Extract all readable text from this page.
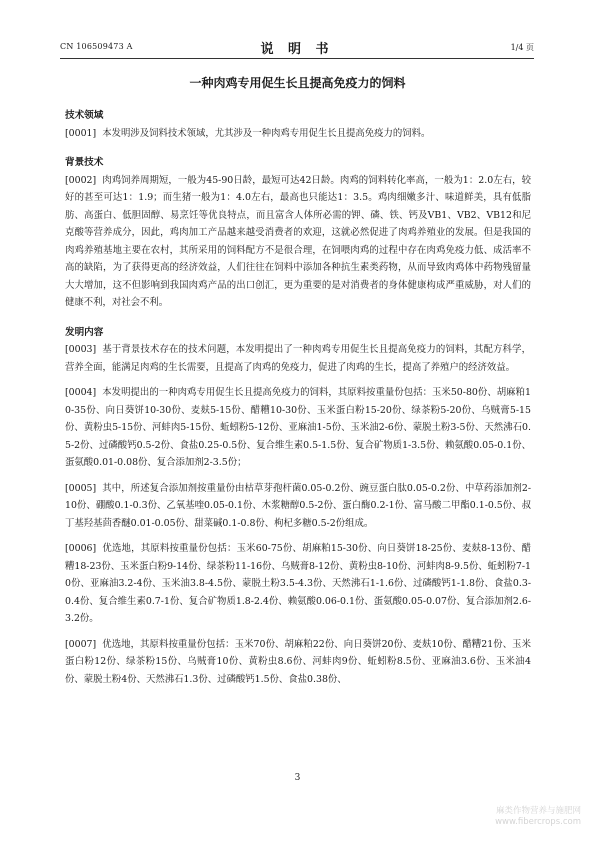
CN 106509473 A	说 明 书	1/4 页
一种肉鸡专用促生长且提高免疫力的饲料

技术领域

[0001] 本发明涉及饲料技术领域，尤其涉及一种肉鸡专用促生长且提高免疫力的饲料。

背景技术

[0002] 肉鸡饲养周期短，一般为45-90日龄，最短可达42日龄。肉鸡的饲料转化率高，一般为1：2.0左右，较好的甚至可达1：1.9；而生猪一般为1：4.0左右，最高也只能达1：3.5。鸡肉细嫩多汁、味道鲜美，具有低脂肪、高蛋白、低胆固醇、易烹饪等优良特点，而且富含人体所必需的钾、磷、铁、钙及VB1、VB2、VB12和尼克酸等营养成分，因此，鸡肉加工产品越来越受消费者的欢迎，这就必然促进了肉鸡养殖业的发展。但是我国的肉鸡养殖基地主要在农村，其所采用的饲料配方不是很合理，在饲喂肉鸡的过程中存在肉鸡免疫力低、成活率不高的缺陷，为了获得更高的经济效益，人们往往在饲料中添加各种抗生素类药物，从而导致肉鸡体中药物残留量大大增加，这不但影响到我国肉鸡产品的出口创汇，更为重要的是对消费者的身体健康构成严重威胁，对人们的健康不利，对社会不利。

发明内容

[0003] 基于背景技术存在的技术问题，本发明提出了一种肉鸡专用促生长且提高免疫力的饲料，其配方科学，营养全面，能满足肉鸡的生长需要，且提高了肉鸡的免疫力，促进了肉鸡的生长，提高了养殖户的经济效益。

[0004] 本发明提出的一种肉鸡专用促生长且提高免疫力的饲料，其原料按重量份包括：玉米50-80份、胡麻粕10-35份、向日葵饼10-30份、麦麸5-15份、醋糟10-30份、玉米蛋白粉15-20份、绿茶粉5-20份、乌贼膏5-15份、黄粉虫5-15份、河蚌肉5-15份、蚯蚓粉5-12份、亚麻油1-5份、玉米油2-6份、蒙脱土粉3-5份、天然沸石0.5-2份、过磷酸钙0.5-2份、食盐0.25-0.5份、复合维生素0.5-1.5份、复合矿物质1-3.5份、赖氨酸0.05-0.1份、蛋氨酸0.01-0.08份、复合添加剂2-3.5份；

[0005] 其中，所述复合添加剂按重量份由枯草芽孢杆菌0.05-0.2份、豌豆蛋白肽0.05-0.2份、中草药添加剂2-10份、硼酸0.1-0.3份、乙氧基喹0.05-0.1份、木浆糖醇0.5-2份、蛋白酶0.2-1份、富马酸二甲酯0.1-0.5份、叔丁基羟基茴香醚0.01-0.05份、甜菜碱0.1-0.8份、枸杞多糖0.5-2份组成。

[0006] 优选地，其原料按重量份包括：玉米60-75份、胡麻粕15-30份、向日葵饼18-25份、麦麸8-13份、醋糟18-23份、玉米蛋白粉9-14份、绿茶粉11-16份、乌贼膏8-12份、黄粉虫8-10份、河蚌肉8-9.5份、蚯蚓粉7-10份、亚麻油3.2-4份、玉米油3.8-4.5份、蒙脱土粉3.5-4.3份、天然沸石1-1.6份、过磷酸钙1-1.8份、食盐0.3-0.4份、复合维生素0.7-1份、复合矿物质1.8-2.4份、赖氨酸0.06-0.1份、蛋氨酸0.05-0.07份、复合添加剂2.6-3.2份。

[0007] 优选地，其原料按重量份包括：玉米70份、胡麻粕22份、向日葵饼20份、麦麸10份、醋糟21份、玉米蛋白粉12份、绿茶粉15份、乌贼膏10份、黄粉虫8.6份、河蚌肉9份、蚯蚓粉8.5份、亚麻油3.6份、玉米油4份、蒙脱土粉4份、天然沸石1.3份、过磷酸钙1.5份、食盐0.38份、

3
麻类作物营养与施肥网
www.fibercrops.com
